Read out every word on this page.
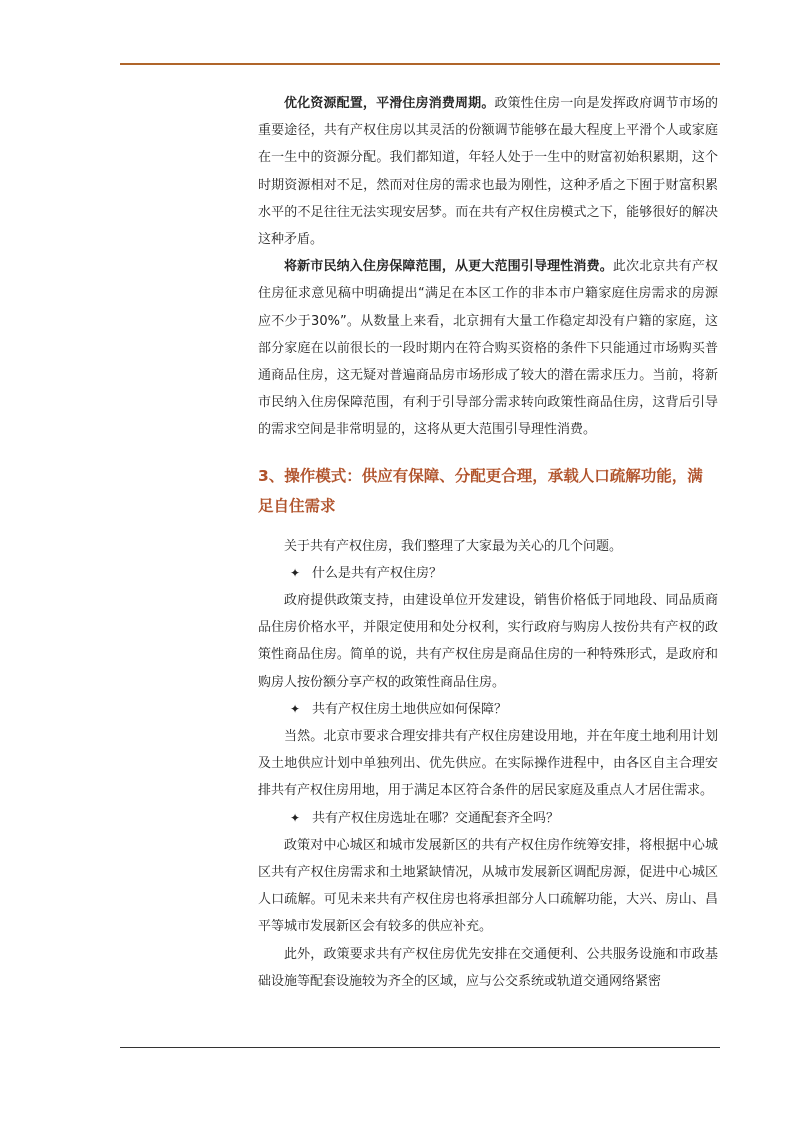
优化资源配置，平滑住房消费周期。政策性住房一向是发挥政府调节市场的重要途径，共有产权住房以其灵活的份额调节能够在最大程度上平滑个人或家庭在一生中的资源分配。我们都知道，年轻人处于一生中的财富初始积累期，这个时期资源相对不足，然而对住房的需求也最为刚性，这种矛盾之下囿于财富积累水平的不足往往无法实现安居梦。而在共有产权住房模式之下，能够很好的解决这种矛盾。

将新市民纳入住房保障范围，从更大范围引导理性消费。此次北京共有产权住房征求意见稿中明确提出“满足在本区工作的非本市户籍家庭住房需求的房源应不少于30%”。从数量上来看，北京拥有大量工作稳定却没有户籍的家庭，这部分家庭在以前很长的一段时期内在符合购买资格的条件下只能通过市场购买普通商品住房，这无疑对普遍商品房市场形成了较大的潜在需求压力。当前，将新市民纳入住房保障范围，有利于引导部分需求转向政策性商品住房，这背后引导的需求空间是非常明显的，这将从更大范围引导理性消费。

3、操作模式：供应有保障、分配更合理，承载人口疏解功能，满足自住需求

关于共有产权住房，我们整理了大家最为关心的几个问题。

✦ 什么是共有产权住房？

政府提供政策支持，由建设单位开发建设，销售价格低于同地段、同品质商品住房价格水平，并限定使用和处分权利，实行政府与购房人按份共有产权的政策性商品住房。简单的说，共有产权住房是商品住房的一种特殊形式，是政府和购房人按份额分享产权的政策性商品住房。

✦ 共有产权住房土地供应如何保障？

当然。北京市要求合理安排共有产权住房建设用地，并在年度土地利用计划及土地供应计划中单独列出、优先供应。在实际操作进程中，由各区自主合理安排共有产权住房用地，用于满足本区符合条件的居民家庭及重点人才居住需求。

✦ 共有产权住房选址在哪？交通配套齐全吗？

政策对中心城区和城市发展新区的共有产权住房作统筹安排，将根据中心城区共有产权住房需求和土地紧缺情况，从城市发展新区调配房源，促进中心城区人口疏解。可见未来共有产权住房也将承担部分人口疏解功能，大兴、房山、昌平等城市发展新区会有较多的供应补充。

此外，政策要求共有产权住房优先安排在交通便利、公共服务设施和市政基础设施等配套设施较为齐全的区域，应与公交系统或轨道交通网络紧密
